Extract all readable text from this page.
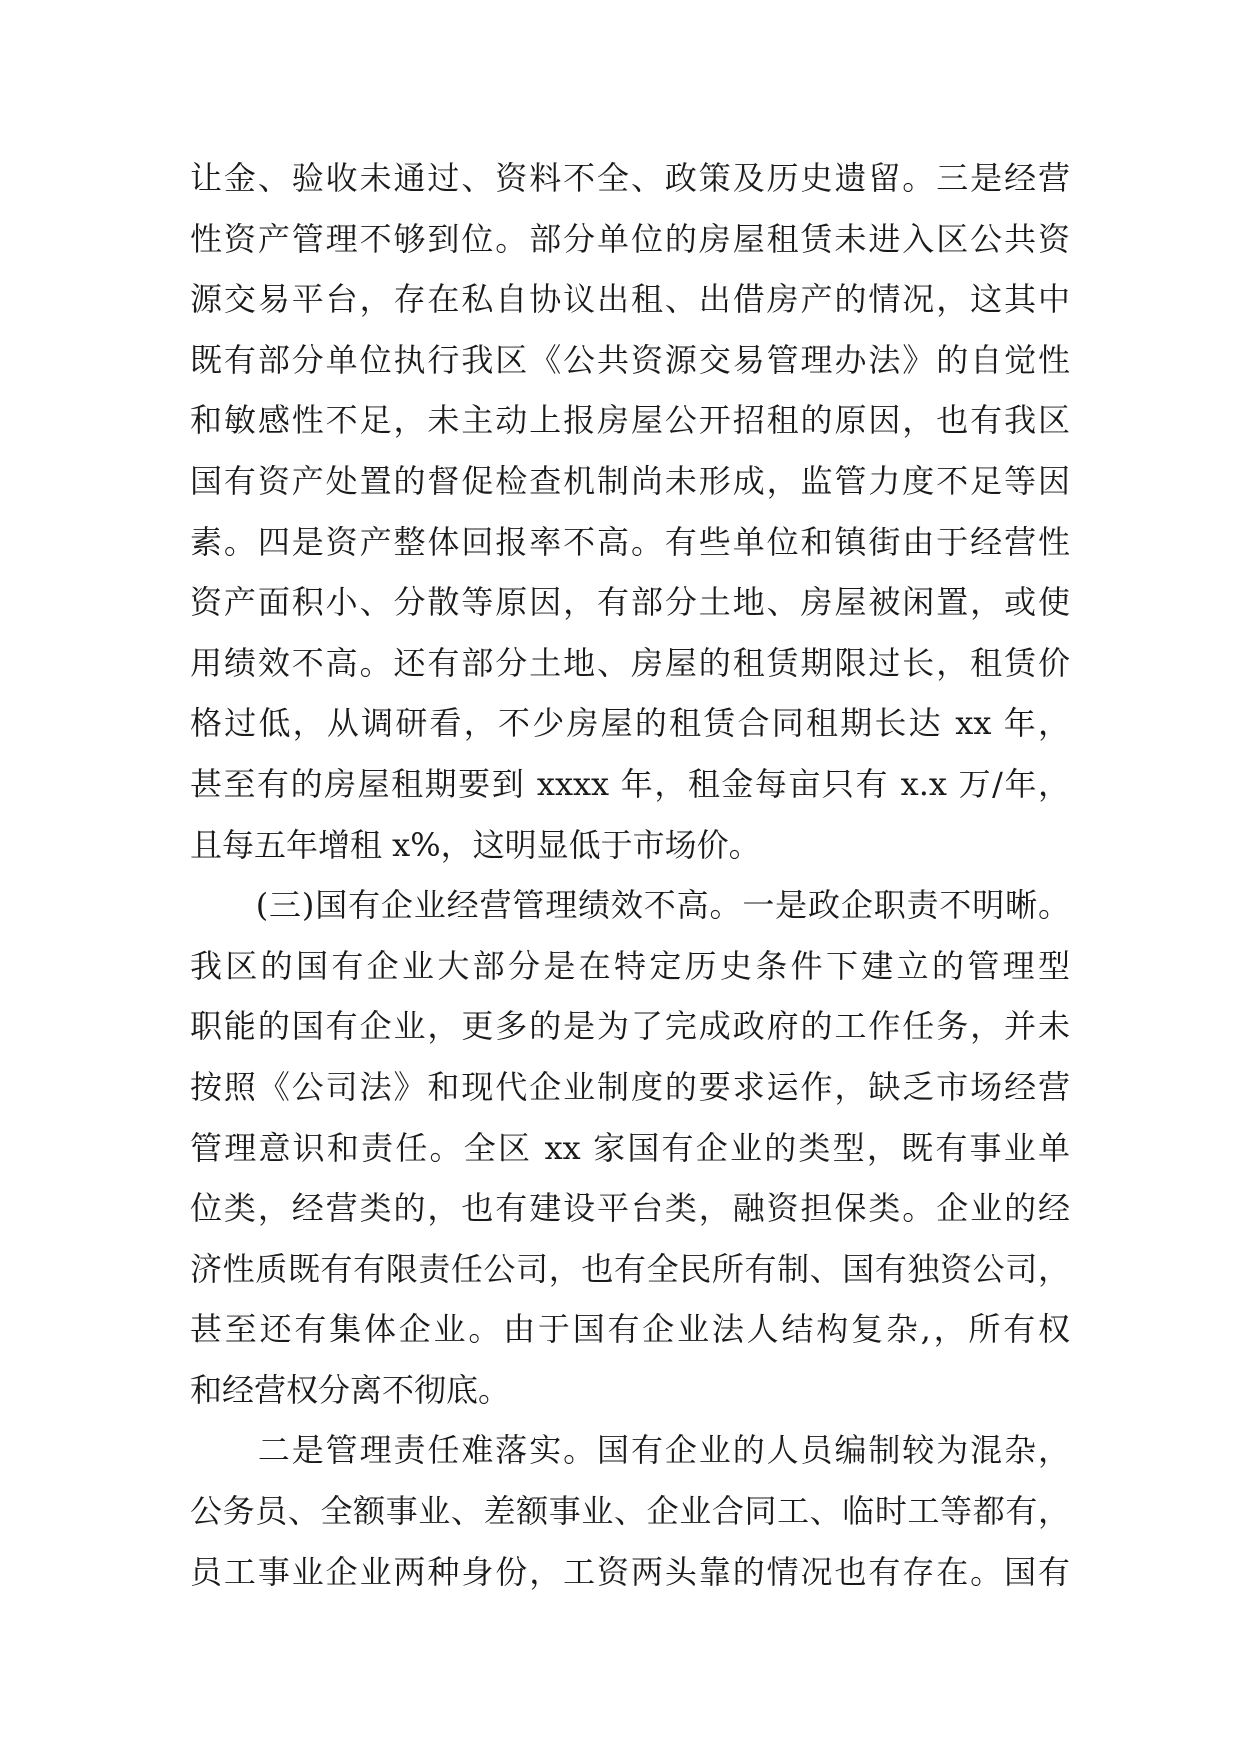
让金、验收未通过、资料不全、政策及历史遗留。三是经营
性资产管理不够到位。部分单位的房屋租赁未进入区公共资
源交易平台，存在私自协议出租、出借房产的情况，这其中
既有部分单位执行我区《公共资源交易管理办法》的自觉性
和敏感性不足，未主动上报房屋公开招租的原因，也有我区
国有资产处置的督促检查机制尚未形成，监管力度不足等因
素。四是资产整体回报率不高。有些单位和镇街由于经营性
资产面积小、分散等原因，有部分土地、房屋被闲置，或使
用绩效不高。还有部分土地、房屋的租赁期限过长，租赁价
格过低，从调研看，不少房屋的租赁合同租期长达 xx 年，
甚至有的房屋租期要到 xxxx 年，租金每亩只有 x.x 万/年，
且每五年增租 x%，这明显低于市场价。
　　(三)国有企业经营管理绩效不高。一是政企职责不明晰。
我区的国有企业大部分是在特定历史条件下建立的管理型
职能的国有企业，更多的是为了完成政府的工作任务，并未
按照《公司法》和现代企业制度的要求运作，缺乏市场经营
管理意识和责任。全区 xx 家国有企业的类型，既有事业单
位类，经营类的，也有建设平台类，融资担保类。企业的经
济性质既有有限责任公司，也有全民所有制、国有独资公司，
甚至还有集体企业。由于国有企业法人结构复杂,，所有权
和经营权分离不彻底。
　　二是管理责任难落实。国有企业的人员编制较为混杂，
公务员、全额事业、差额事业、企业合同工、临时工等都有，
员工事业企业两种身份，工资两头靠的情况也有存在。国有
